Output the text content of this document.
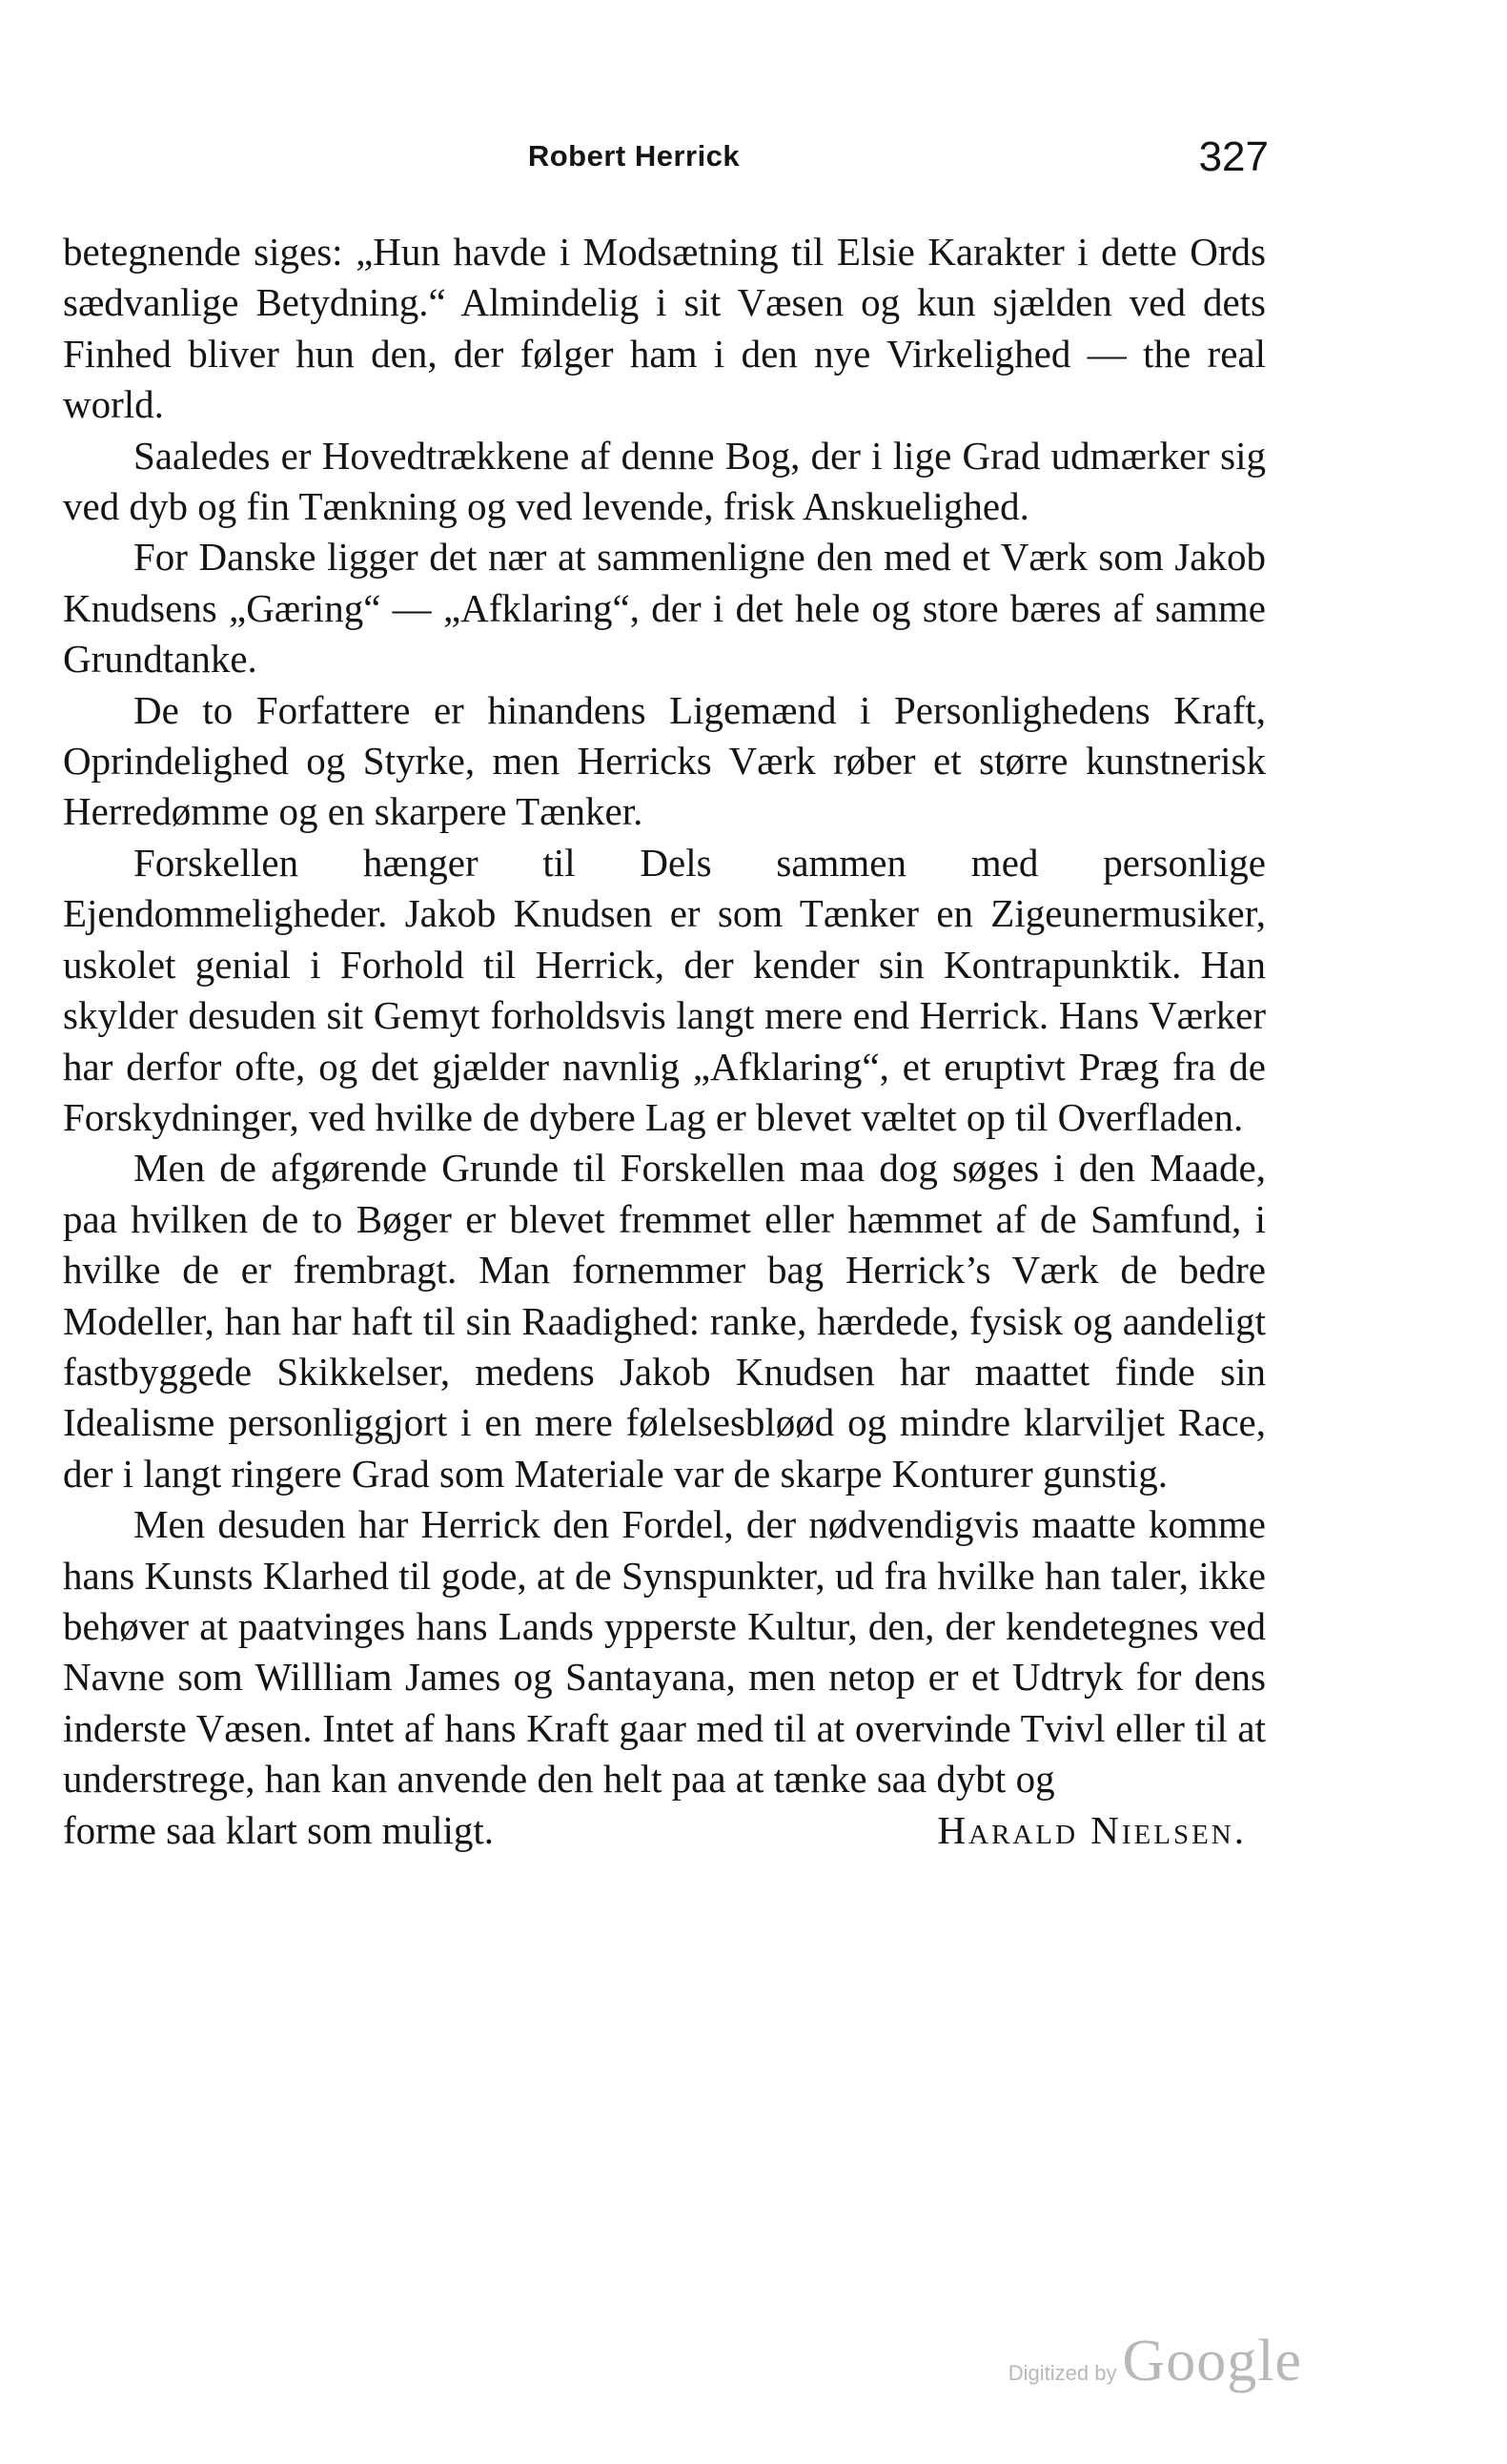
Robert Herrick	327

betegnende siges: „Hun havde i Modsætning til Elsie Karakter i dette Ords sædvanlige Betydning.“ Almindelig i sit Væsen og kun sjælden ved dets Finhed bliver hun den, der følger ham i den nye Virkelighed — the real world.

Saaledes er Hovedtrækkene af denne Bog, der i lige Grad udmærker sig ved dyb og fin Tænkning og ved levende, frisk Anskuelighed.

For Danske ligger det nær at sammenligne den med et Værk som Jakob Knudsens „Gæring“ — „Afklaring“, der i det hele og store bæres af samme Grundtanke.

De to Forfattere er hinandens Ligemænd i Personlighedens Kraft, Oprindelighed og Styrke, men Herricks Værk røber et større kunstnerisk Herredømme og en skarpere Tænker.

Forskellen hænger til Dels sammen med personlige Ejendommeligheder. Jakob Knudsen er som Tænker en Zigeunermusiker, uskolet genial i Forhold til Herrick, der kender sin Kontrapunktik. Han skylder desuden sit Gemyt forholdsvis langt mere end Herrick. Hans Værker har derfor ofte, og det gjælder navnlig „Afklaring“, et eruptivt Præg fra de Forskydninger, ved hvilke de dybere Lag er blevet væltet op til Overfladen.

Men de afgørende Grunde til Forskellen maa dog søges i den Maade, paa hvilken de to Bøger er blevet fremmet eller hæmmet af de Samfund, i hvilke de er frembragt. Man fornemmer bag Herrick’s Værk de bedre Modeller, han har haft til sin Raadighed: ranke, hærdede, fysisk og aandeligt fastbyggede Skikkelser, medens Jakob Knudsen har maattet finde sin Idealisme personliggjort i en mere følelsesbløød og mindre klarviljet Race, der i langt ringere Grad som Materiale var de skarpe Konturer gunstig.

Men desuden har Herrick den Fordel, der nødvendigvis maatte komme hans Kunsts Klarhed til gode, at de Synspunkter, ud fra hvilke han taler, ikke behøver at paatvinges hans Lands ypperste Kultur, den, der kendetegnes ved Navne som Willliam James og Santayana, men netop er et Udtryk for dens inderste Væsen. Intet af hans Kraft gaar med til at overvinde Tvivl eller til at understrege, han kan anvende den helt paa at tænke saa dybt og

forme saa klart som muligt.	Harald Nielsen.

Digitized by Google
